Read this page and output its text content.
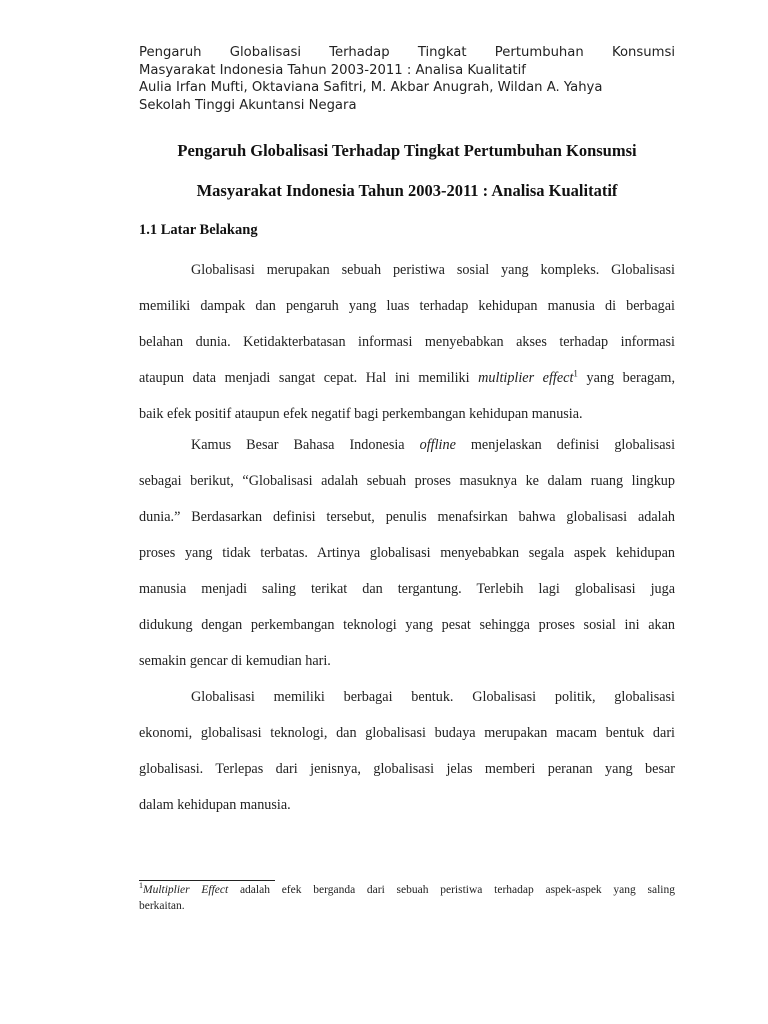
Pengaruh Globalisasi Terhadap Tingkat Pertumbuhan Konsumsi
Masyarakat Indonesia Tahun 2003-2011 : Analisa Kualitatif
Aulia Irfan Mufti, Oktaviana Safitri, M. Akbar Anugrah, Wildan A. Yahya
Sekolah Tinggi Akuntansi Negara
Pengaruh Globalisasi Terhadap Tingkat Pertumbuhan Konsumsi
Masyarakat Indonesia Tahun 2003-2011 : Analisa Kualitatif
1.1 Latar Belakang
Globalisasi merupakan sebuah peristiwa sosial yang kompleks. Globalisasi
memiliki dampak dan pengaruh yang luas terhadap kehidupan manusia di berbagai
belahan dunia. Ketidakterbatasan informasi menyebabkan akses terhadap informasi
ataupun data menjadi sangat cepat. Hal ini memiliki multiplier effect$^1$ yang beragam,
baik efek positif ataupun efek negatif bagi perkembangan kehidupan manusia.
Kamus Besar Bahasa Indonesia offline menjelaskan definisi globalisasi
sebagai berikut, “Globalisasi adalah sebuah proses masuknya ke dalam ruang lingkup
dunia.” Berdasarkan definisi tersebut, penulis menafsirkan bahwa globalisasi adalah
proses yang tidak terbatas. Artinya globalisasi menyebabkan segala aspek kehidupan
manusia menjadi saling terikat dan tergantung. Terlebih lagi globalisasi juga
didukung dengan perkembangan teknologi yang pesat sehingga proses sosial ini akan
semakin gencar di kemudian hari.
Globalisasi memiliki berbagai bentuk. Globalisasi politik, globalisasi
ekonomi, globalisasi teknologi, dan globalisasi budaya merupakan macam bentuk dari
globalisasi. Terlepas dari jenisnya, globalisasi jelas memberi peranan yang besar
dalam kehidupan manusia.
$^1$Multiplier Effect adalah efek berganda dari sebuah peristiwa terhadap aspek-aspek yang saling
berkaitan.
